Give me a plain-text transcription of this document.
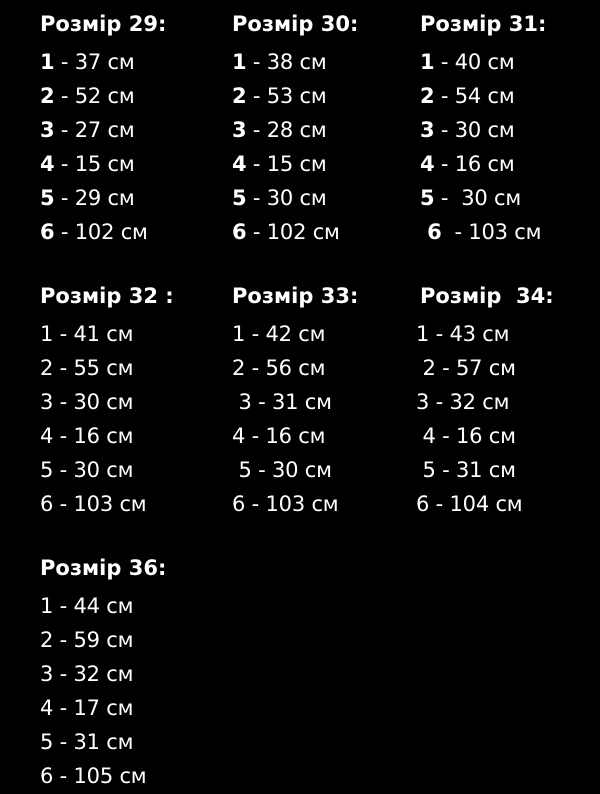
Розмір 29:
1 - 37 см
2 - 52 см
3 - 27 см
4 - 15 см
5 - 29 см
6 - 102 см
Розмір 30:
1 - 38 см
2 - 53 см
3 - 28 см
4 - 15 см
5 - 30 см
6 - 102 см
Розмір 31:
1 - 40 см
2 - 54 см
3 - 30 см
4 - 16 см
5 -  30 см
6  - 103 см
Розмір 32 :
1 - 41 см
2 - 55 см
3 - 30 см
4 - 16 см
5 - 30 см
6 - 103 см
Розмір 33:
1 - 42 см
2 - 56 см
3 - 31 см
4 - 16 см
5 - 30 см
6 - 103 см
Розмір  34:
1 - 43 см
2 - 57 см
3 - 32 см
4 - 16 см
5 - 31 см
6 - 104 см
Розмір 36:
1 - 44 см
2 - 59 см
3 - 32 см
4 - 17 см
5 - 31 см
6 - 105 см
